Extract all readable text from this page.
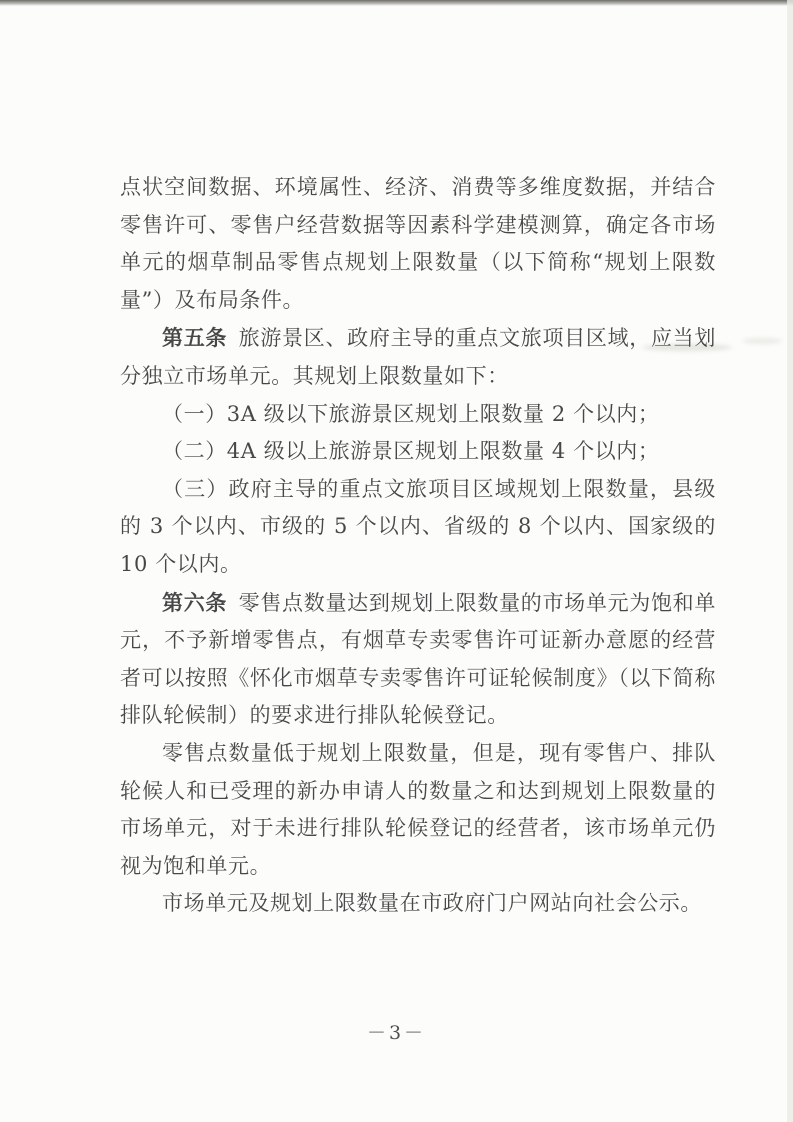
点状空间数据、环境属性、经济、消费等多维度数据，并结合零售许可、零售户经营数据等因素科学建模测算，确定各市场单元的烟草制品零售点规划上限数量（以下简称“规划上限数量”）及布局条件。

第五条 旅游景区、政府主导的重点文旅项目区域，应当划分独立市场单元。其规划上限数量如下：

（一）3A 级以下旅游景区规划上限数量 2 个以内；

（二）4A 级以上旅游景区规划上限数量 4 个以内；

（三）政府主导的重点文旅项目区域规划上限数量，县级的 3 个以内、市级的 5 个以内、省级的 8 个以内、国家级的 10 个以内。

第六条 零售点数量达到规划上限数量的市场单元为饱和单元，不予新增零售点，有烟草专卖零售许可证新办意愿的经营者可以按照《怀化市烟草专卖零售许可证轮候制度》（以下简称排队轮候制）的要求进行排队轮候登记。

零售点数量低于规划上限数量，但是，现有零售户、排队轮候人和已受理的新办申请人的数量之和达到规划上限数量的市场单元，对于未进行排队轮候登记的经营者，该市场单元仍视为饱和单元。

市场单元及规划上限数量在市政府门户网站向社会公示。

－3－
